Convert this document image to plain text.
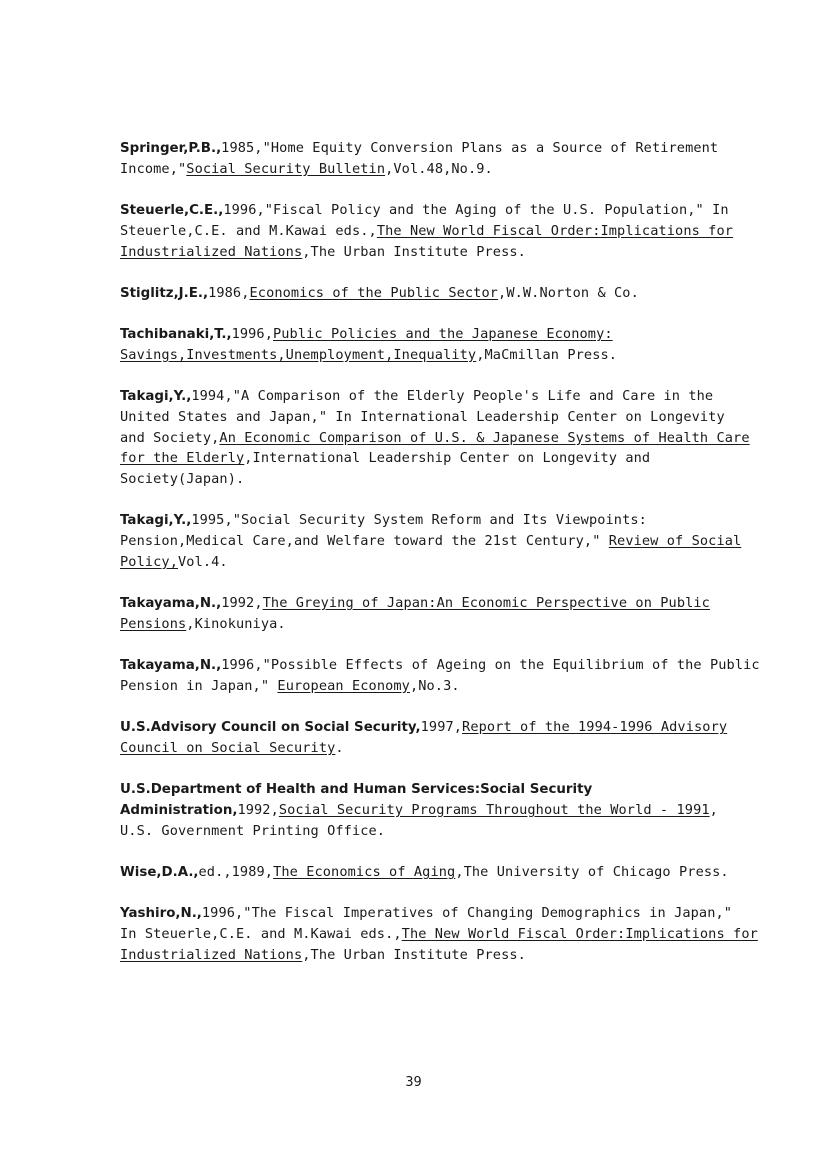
Springer,P.B.,1985,"Home Equity Conversion Plans as a Source of Retirement
Income,"Social Security Bulletin,Vol.48,No.9.

Steuerle,C.E.,1996,"Fiscal Policy and the Aging of the U.S. Population," In
Steuerle,C.E. and M.Kawai eds.,The New World Fiscal Order:Implications for
Industrialized Nations,The Urban Institute Press.

Stiglitz,J.E.,1986,Economics of the Public Sector,W.W.Norton & Co.

Tachibanaki,T.,1996,Public Policies and the Japanese Economy:
Savings,Investments,Unemployment,Inequality,MaCmillan Press.

Takagi,Y.,1994,"A Comparison of the Elderly People's Life and Care in the
United States and Japan," In International Leadership Center on Longevity
and Society,An Economic Comparison of U.S. & Japanese Systems of Health Care
for the Elderly,International Leadership Center on Longevity and
Society(Japan).

Takagi,Y.,1995,"Social Security System Reform and Its Viewpoints:
Pension,Medical Care,and Welfare toward the 21st Century," Review of Social
Policy,Vol.4.

Takayama,N.,1992,The Greying of Japan:An Economic Perspective on Public
Pensions,Kinokuniya.

Takayama,N.,1996,"Possible Effects of Ageing on the Equilibrium of the Public
Pension in Japan," European Economy,No.3.

U.S.Advisory Council on Social Security,1997,Report of the 1994-1996 Advisory
Council on Social Security.

U.S.Department of Health and Human Services:Social Security
Administration,1992,Social Security Programs Throughout the World - 1991,
U.S. Government Printing Office.

Wise,D.A.,ed.,1989,The Economics of Aging,The University of Chicago Press.

Yashiro,N.,1996,"The Fiscal Imperatives of Changing Demographics in Japan,"
In Steuerle,C.E. and M.Kawai eds.,The New World Fiscal Order:Implications for
Industrialized Nations,The Urban Institute Press.

39
